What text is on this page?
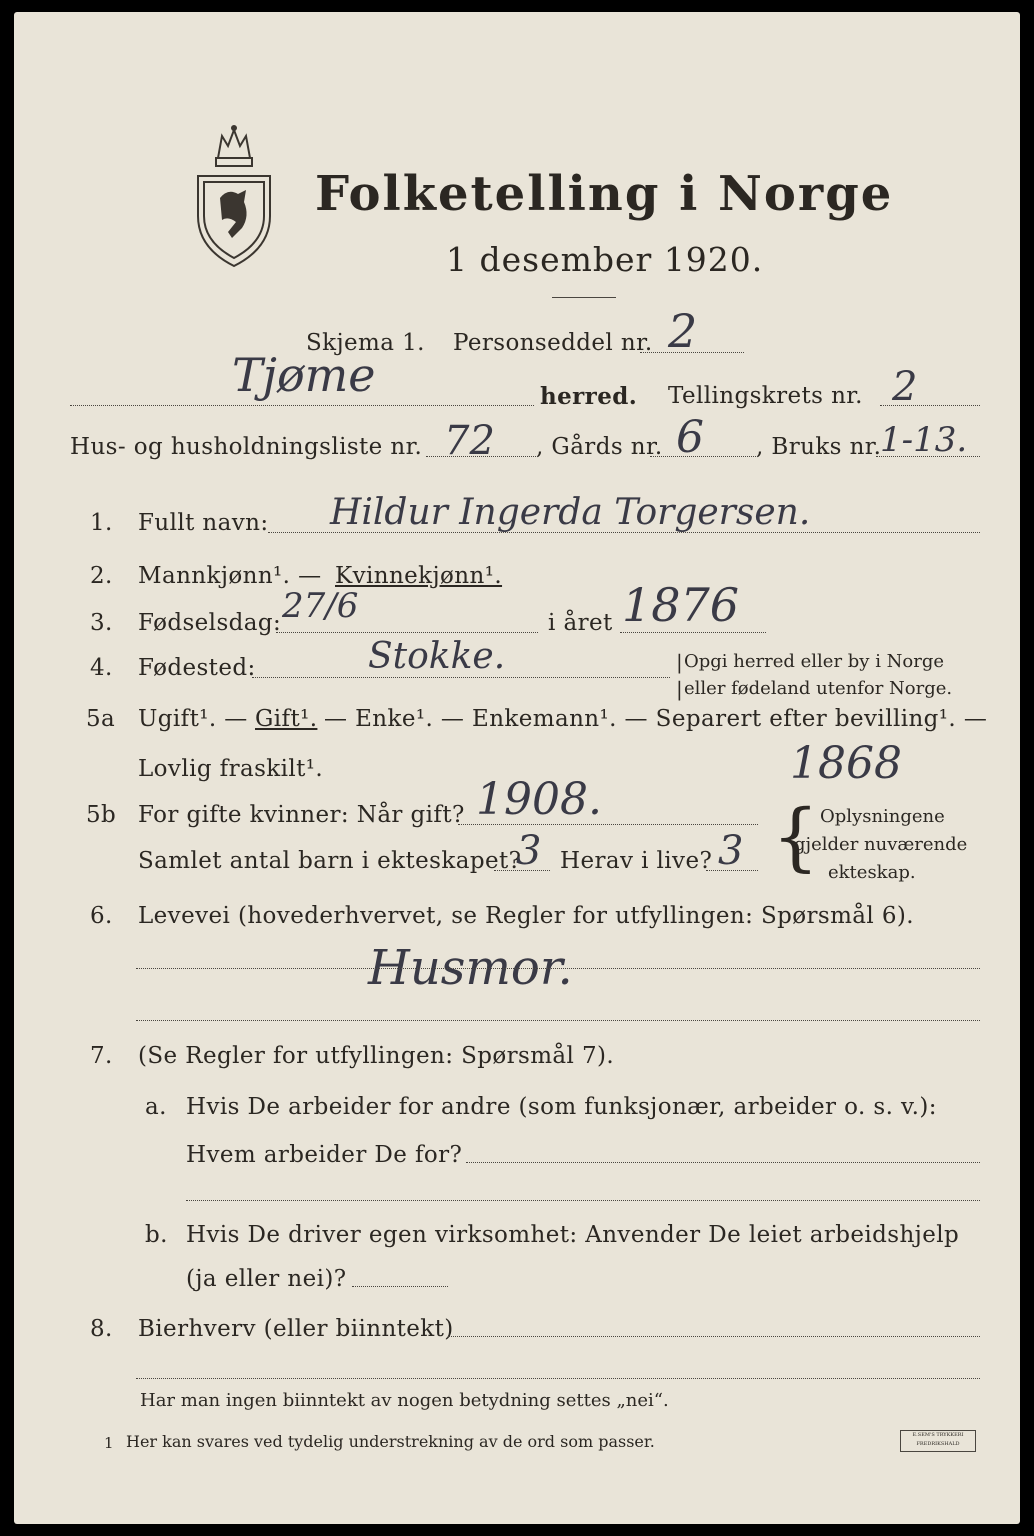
Folketelling i Norge
1 desember 1920.
Skjema 1. Personseddel nr. 2
Tjøme	herred. Tellingskrets nr. 2
Hus- og husholdningsliste nr. 72 , Gårds nr. 6 , Bruks nr.
1-13.
1. Fullt navn: Hildur Ingerda Torgersen.
2. Mannkjønn¹. — Kvinnekjønn¹.
3. Fødselsdag: 27/6	i året 1876
4. Fødested:	Stokke.	| Opgi herred eller by i Norge
| eller fødeland utenfor Norge.
5a Ugift¹. — Gift¹. — Enke¹. — Enkemann¹. — Separert efter bevilling¹. —
Lovlig fraskilt¹.	1868
5b For gifte kvinner: Når gift? 1908.
Samlet antal barn i ekteskapet?
3 Herav i live? 3 { Oplysningene
gjelder nuværende
ekteskap.
6. Levevei (hovederhvervet, se Regler for utfyllingen: Spørsmål 6).
Husmor.
7. (Se Regler for utfyllingen: Spørsmål 7).
a. Hvis De arbeider for andre (som funksjonær, arbeider o. s. v.):
Hvem arbeider De for?
b. Hvis De driver egen virksomhet: Anvender De leiet arbeidshjelp
(ja eller nei)?
8. Bierhverv (eller biinntekt)
Har man ingen biinntekt av nogen betydning settes „nei“.
1 Her kan svares ved tydelig understrekning av de ord som passer.	E.SEM'S TRYKKERI FREDRIKSHALD
